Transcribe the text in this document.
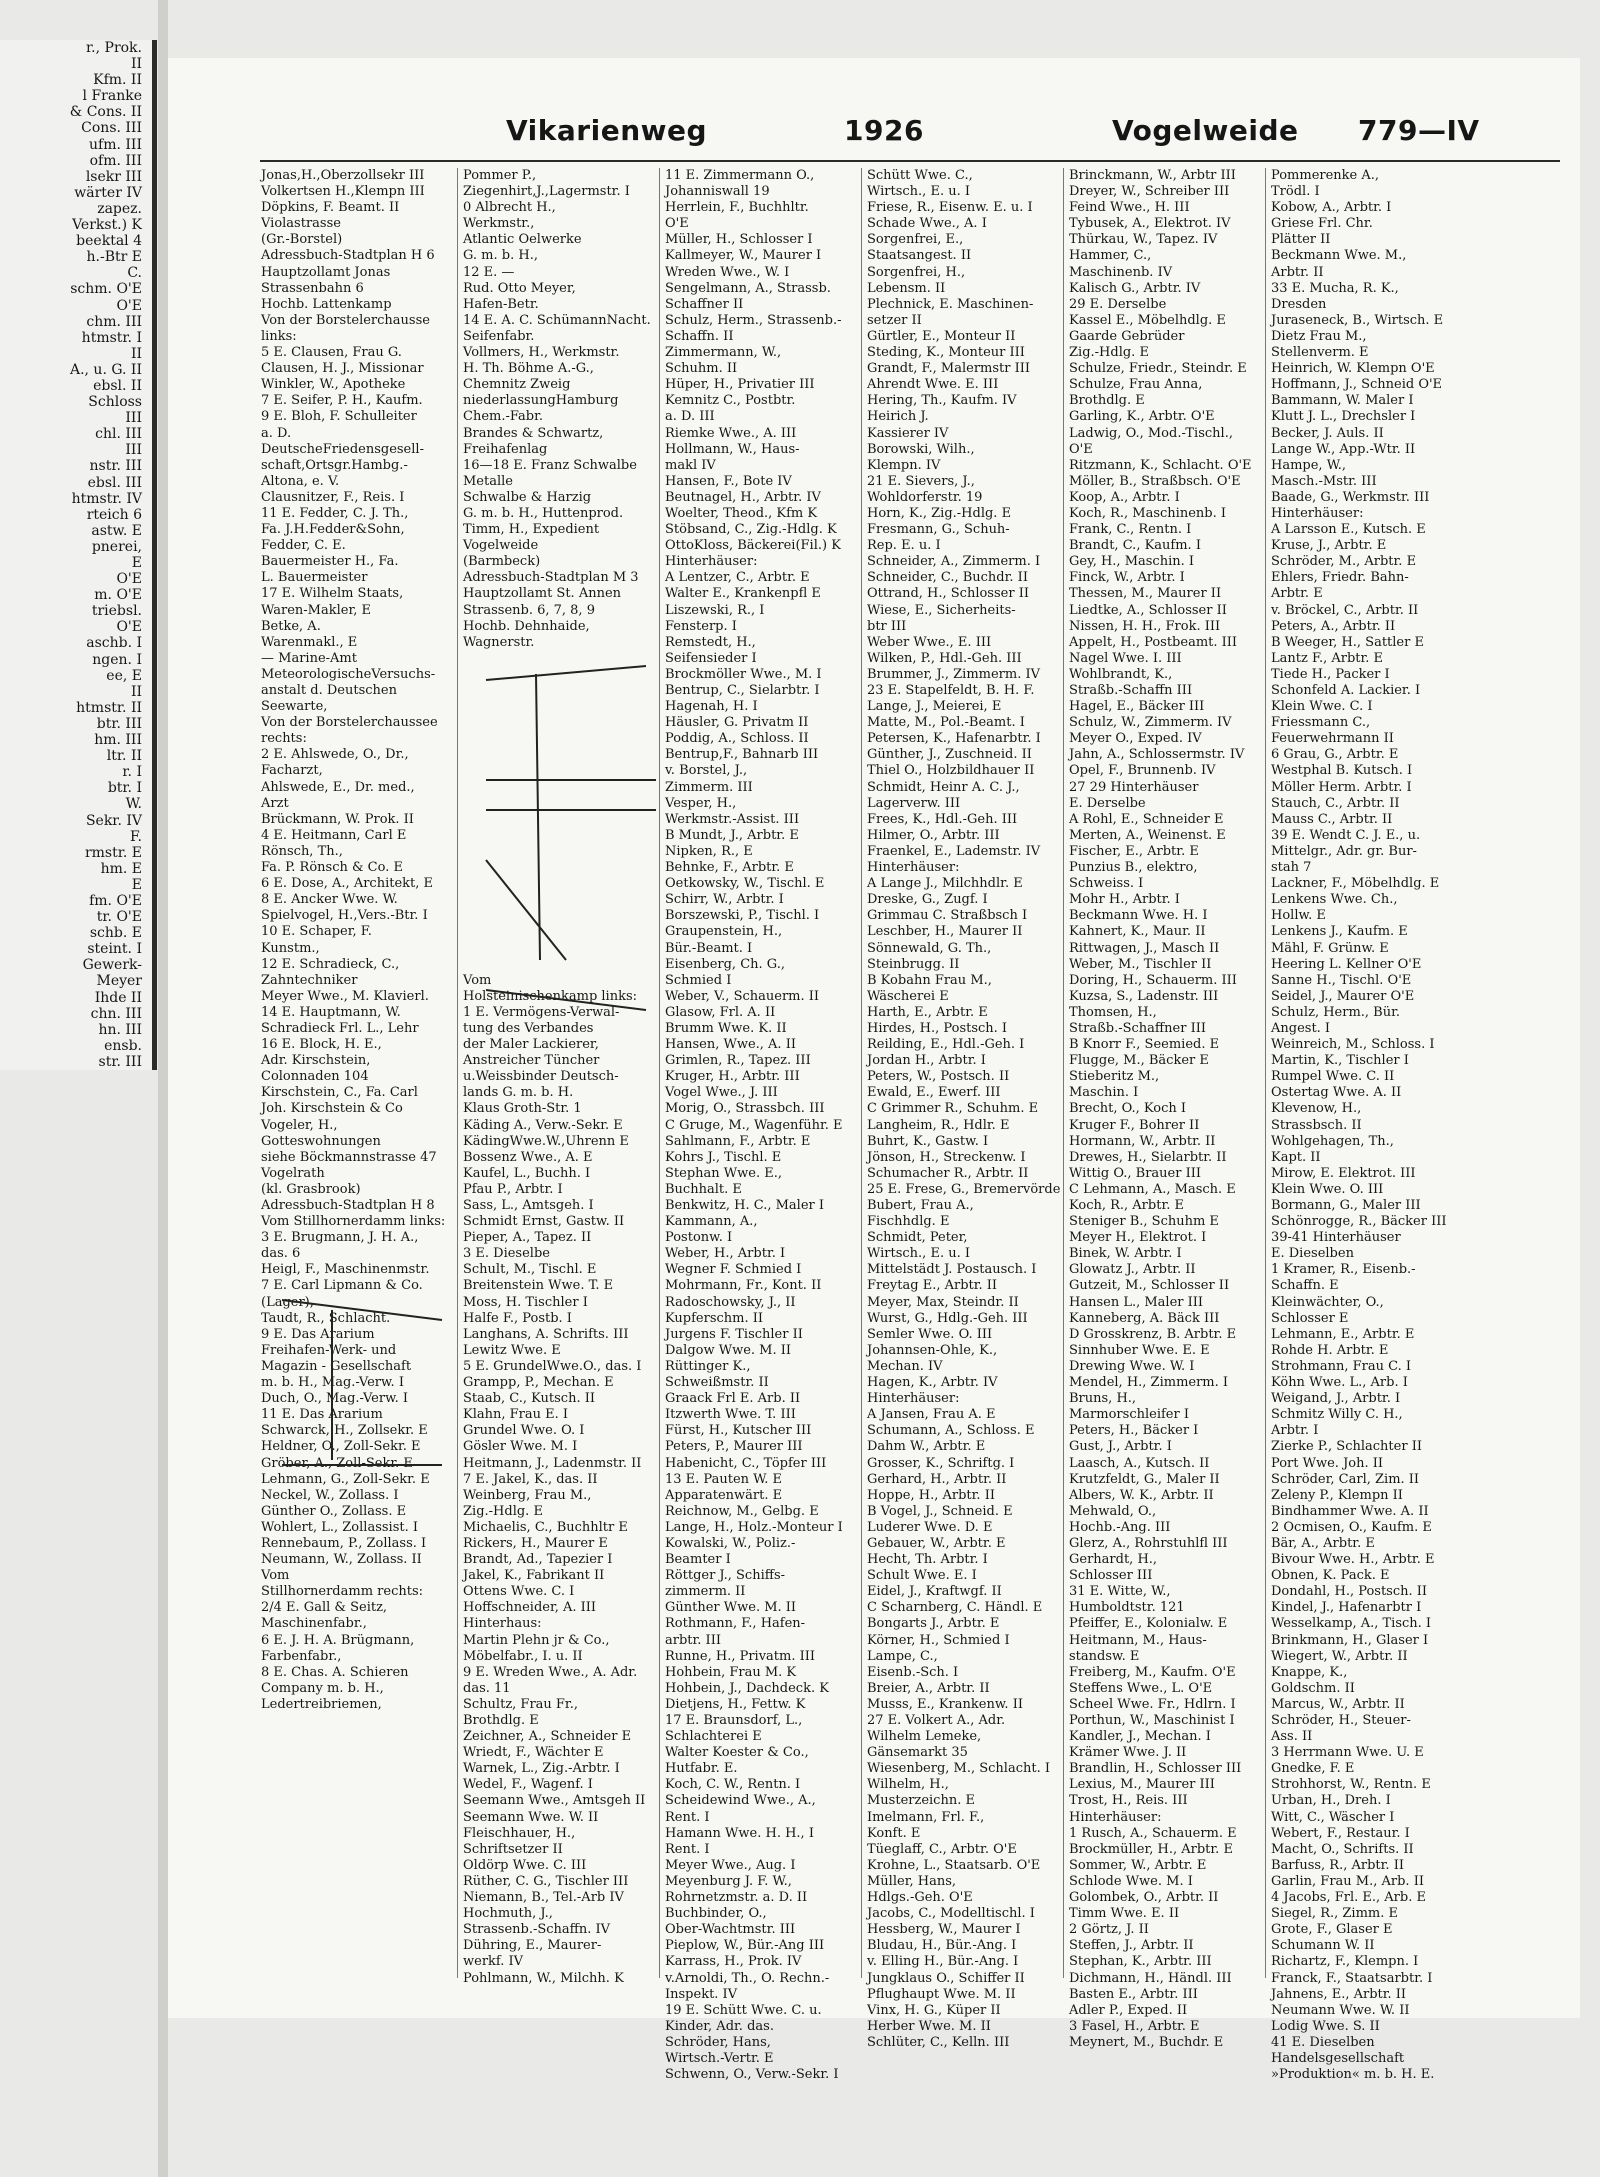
r., Prok.
II
Kfm. II
l Franke
& Cons. II
Cons. III
ufm. III
ofm. III
lsekr III
wärter IV
zapez.
Verkst.) K
beektal 4
h.-Btr E
C.
schm. O'E
O'E
chm. III
htmstr. I
II
A., u. G. II
ebsl. II
Schloss
III
chl. III
III
nstr. III
ebsl. III
htmstr. IV
rteich 6
astw. E
pnerei,
E
O'E
m. O'E
triebsl.
O'E
aschb. I
ngen. I
ee, E
II
htmstr. II
btr. III
hm. III
ltr. II
r. I
btr. I
W.
Sekr. IV
F.
rmstr. E
hm. E
E
fm. O'E
tr. O'E
schb. E
steint. I
Gewerk-
Meyer
Ihde II
chn. III
hn. III
ensb.
str. III
Vikarienweg	1926	Vogelweide 779—IV
Jonas,H.,Oberzollsekr III
Volkertsen H.,Klempn III
Döpkins, F. Beamt. II
Violastrasse
(Gr.-Borstel)
Adressbuch-Stadtplan H 6
Hauptzollamt Jonas
Strassenbahn 6
Hochb. Lattenkamp
Von der Borstelerchausse
links:
5 E. Clausen, Frau G.
Clausen, H. J., Missionar
Winkler, W., Apotheke
7 E. Seifer, P. H., Kaufm.
9 E. Bloh, F. Schulleiter
a. D.
DeutscheFriedensgesell-
schaft,Ortsgr.Hambg.-
Altona, e. V.
Clausnitzer, F., Reis. I
11 E. Fedder, C. J. Th.,
Fa. J.H.Fedder&Sohn,
Fedder, C. E.
Bauermeister H., Fa.
L. Bauermeister
17 E. Wilhelm Staats,
Waren-Makler, E
Betke, A.
Warenmakl., E
— Marine-Amt
MeteorologischeVersuchs-
anstalt d. Deutschen
Seewarte,
Von der Borstelerchaussee
rechts:
2 E. Ahlswede, O., Dr.,
Facharzt,
Ahlswede, E., Dr. med.,
Arzt
Brückmann, W. Prok. II
4 E. Heitmann, Carl E
Rönsch, Th.,
Fa. P. Rönsch & Co. E
6 E. Dose, A., Architekt, E
8 E. Ancker Wwe. W.
Spielvogel, H.,Vers.-Btr. I
10 E. Schaper, F.
Kunstm.,
12 E. Schradieck, C.,
Zahntechniker
Meyer Wwe., M. Klavierl.
14 E. Hauptmann, W.
Schradieck Frl. L., Lehr
16 E. Block, H. E.,
Adr. Kirschstein,
Colonnaden 104
Kirschstein, C., Fa. Carl
Joh. Kirschstein & Co
Vogeler, H.,
Gotteswohnungen
siehe Böckmannstrasse 47
Vogelrath
(kl. Grasbrook)
Adressbuch-Stadtplan H 8
Vom Stillhornerdamm links:
3 E. Brugmann, J. H. A.,
das. 6
Heigl, F., Maschinenmstr.
7 E. Carl Lipmann & Co.
(Lager),
Taudt, R., Schlacht.
9 E. Das Ararium
Freihafen-Werk- und
Magazin - Gesellschaft
m. b. H., Mag.-Verw. I
Duch, O., Mag.-Verw. I
11 E. Das Ararium
Schwarck, H., Zollsekr. E
Heldner, O., Zoll-Sekr. E
Gröber, A., Zoll-Sekr. E
Lehmann, G., Zoll-Sekr. E
Neckel, W., Zollass. I
Günther O., Zollass. E
Wohlert, L., Zollassist. I
Rennebaum, P., Zollass. I
Neumann, W., Zollass. II
Vom
Stillhornerdamm rechts:
2/4 E. Gall & Seitz,
Maschinenfabr.,
6 E. J. H. A. Brügmann,
Farbenfabr.,
8 E. Chas. A. Schieren
Company m. b. H.,
Ledertreibriemen,
Pommer P.,
Ziegenhirt,J.,Lagermstr. I
0 Albrecht H.,
Werkmstr.,
Atlantic Oelwerke
G. m. b. H.,
12 E. —
Rud. Otto Meyer,
Hafen-Betr.
14 E. A. C. SchümannNacht.
Seifenfabr.
Vollmers, H., Werkmstr.
H. Th. Böhme A.-G.,
Chemnitz Zweig
niederlassungHamburg
Chem.-Fabr.
Brandes & Schwartz,
Freihafenlag
16—18 E. Franz Schwalbe
Metalle
Schwalbe & Harzig
G. m. b. H., Huttenprod.
Timm, H., Expedient
Vogelweide
(Barmbeck)
Adressbuch-Stadtplan M 3
Hauptzollamt St. Annen
Strassenb. 6, 7, 8, 9
Hochb. Dehnhaide,
Wagnerstr.

Vom
Holsteinischenkamp links:
1 E. Vermögens-Verwal-
tung des Verbandes
der Maler Lackierer,
Anstreicher Tüncher
u.Weissbinder Deutsch-
lands G. m. b. H.
Klaus Groth-Str. 1
Käding A., Verw.-Sekr. E
KädingWwe.W.,Uhrenn E
Bossenz Wwe., A. E
Kaufel, L., Buchh. I
Pfau P., Arbtr. I
Sass, L., Amtsgeh. I
Schmidt Ernst, Gastw. II
Pieper, A., Tapez. II
3 E. Dieselbe
Schult, M., Tischl. E
Breitenstein Wwe. T. E
Moss, H. Tischler I
Halfe F., Postb. I
Langhans, A. Schrifts. III
Lewitz Wwe. E
5 E. GrundelWwe.O., das. I
Grampp, P., Mechan. E
Staab, C., Kutsch. II
Klahn, Frau E. I
Grundel Wwe. O. I
Gösler Wwe. M. I
Heitmann, J., Ladenmstr. II
7 E. Jakel, K., das. II
Weinberg, Frau M.,
Zig.-Hdlg. E
Michaelis, C., Buchhltr E
Rickers, H., Maurer E
Brandt, Ad., Tapezier I
Jakel, K., Fabrikant II
Ottens Wwe. C. I
Hoffschneider, A. III
Hinterhaus:
Martin Plehn jr & Co.,
Möbelfabr., I. u. II
9 E. Wreden Wwe., A. Adr.
das. 11
Schultz, Frau Fr.,
Brothdlg. E
Zeichner, A., Schneider E
Wriedt, F., Wächter E
Warnek, L., Zig.-Arbtr. I
Wedel, F., Wagenf. I
Seemann Wwe., Amtsgeh II
Seemann Wwe. W. II
Fleischhauer, H.,
Schriftsetzer II
Oldörp Wwe. C. III
Rüther, C. G., Tischler III
Niemann, B., Tel.-Arb IV
Hochmuth, J.,
Strassenb.-Schaffn. IV
Dühring, E., Maurer-
werkf. IV
Pohlmann, W., Milchh. K
11 E. Zimmermann O.,
Johanniswall 19
Herrlein, F., Buchhltr.
O'E
Müller, H., Schlosser I
Kallmeyer, W., Maurer I
Wreden Wwe., W. I
Sengelmann, A., Strassb.
Schaffner II
Schulz, Herm., Strassenb.-
Schaffn. II
Zimmermann, W.,
Schuhm. II
Hüper, H., Privatier III
Kemnitz C., Postbtr.
a. D. III
Riemke Wwe., A. III
Hollmann, W., Haus-
makl IV
Hansen, F., Bote IV
Beutnagel, H., Arbtr. IV
Woelter, Theod., Kfm K
Stöbsand, C., Zig.-Hdlg. K
OttoKloss, Bäckerei(Fil.) K
Hinterhäuser:
A Lentzer, C., Arbtr. E
Walter E., Krankenpfl E
Liszewski, R., I
Fensterp. I
Remstedt, H.,
Seifensieder I
Brockmöller Wwe., M. I
Bentrup, C., Sielarbtr. I
Hagenah, H. I
Häusler, G. Privatm II
Poddig, A., Schloss. II
Bentrup,F., Bahnarb III
v. Borstel, J.,
Zimmerm. III
Vesper, H.,
Werkmstr.-Assist. III
B Mundt, J., Arbtr. E
Nipken, R., E
Behnke, F., Arbtr. E
Oetkowsky, W., Tischl. E
Schirr, W., Arbtr. I
Borszewski, P., Tischl. I
Graupenstein, H.,
Bür.-Beamt. I
Eisenberg, Ch. G.,
Schmied I
Weber, V., Schauerm. II
Glasow, Frl. A. II
Brumm Wwe. K. II
Hansen, Wwe., A. II
Grimlen, R., Tapez. III
Kruger, H., Arbtr. III
Vogel Wwe., J. III
Morig, O., Strassbch. III
C Gruge, M., Wagenführ. E
Sahlmann, F., Arbtr. E
Kohrs J., Tischl. E
Stephan Wwe. E.,
Buchhalt. E
Benkwitz, H. C., Maler I
Kammann, A.,
Postonw. I
Weber, H., Arbtr. I
Wegner F. Schmied I
Mohrmann, Fr., Kont. II
Radoschowsky, J., II
Kupferschm. II
Jurgens F. Tischler II
Dalgow Wwe. M. II
Rüttinger K.,
Schweißmstr. II
Graack Frl E. Arb. II
Itzwerth Wwe. T. III
Fürst, H., Kutscher III
Peters, P., Maurer III
Habenicht, C., Töpfer III
13 E. Pauten W. E
Apparatenwärt. E
Reichnow, M., Gelbg. E
Lange, H., Holz.-Monteur I
Kowalski, W., Poliz.-
Beamter I
Röttger J., Schiffs-
zimmerm. II
Günther Wwe. M. II
Rothmann, F., Hafen-
arbtr. III
Runne, H., Privatm. III
Hohbein, Frau M. K
Hohbein, J., Dachdeck. K
Dietjens, H., Fettw. K
17 E. Braunsdorf, L.,
Schlachterei E
Walter Koester & Co.,
Hutfabr. E.
Koch, C. W., Rentn. I
Scheidewind Wwe., A.,
Rent. I
Hamann Wwe. H. H., I
Rent. I
Meyer Wwe., Aug. I
Meyenburg J. F. W.,
Rohrnetzmstr. a. D. II
Buchbinder, O.,
Ober-Wachtmstr. III
Pieplow, W., Bür.-Ang III
Karrass, H., Prok. IV
v.Arnoldi, Th., O. Rechn.-
Inspekt. IV
19 E. Schütt Wwe. C. u.
Kinder, Adr. das.
Schröder, Hans,
Wirtsch.-Vertr. E
Schwenn, O., Verw.-Sekr. I
Schütt Wwe. C.,
Wirtsch., E. u. I
Friese, R., Eisenw. E. u. I
Schade Wwe., A. I
Sorgenfrei, E.,
Staatsangest. II
Sorgenfrei, H.,
Lebensm. II
Plechnick, E. Maschinen-
setzer II
Gürtler, E., Monteur II
Steding, K., Monteur III
Grandt, F., Malermstr III
Ahrendt Wwe. E. III
Hering, Th., Kaufm. IV
Heirich J.
Kassierer IV
Borowski, Wilh.,
Klempn. IV
21 E. Sievers, J.,
Wohldorferstr. 19
Horn, K., Zig.-Hdlg. E
Fresmann, G., Schuh-
Rep. E. u. I
Schneider, A., Zimmerm. I
Schneider, C., Buchdr. II
Ottrand, H., Schlosser II
Wiese, E., Sicherheits-
btr III
Weber Wwe., E. III
Wilken, P., Hdl.-Geh. III
Brummer, J., Zimmerm. IV
23 E. Stapelfeldt, B. H. F.
Lange, J., Meierei, E
Matte, M., Pol.-Beamt. I
Petersen, K., Hafenarbtr. I
Günther, J., Zuschneid. II
Thiel O., Holzbildhauer II
Schmidt, Heinr A. C. J.,
Lagerverw. III
Frees, K., Hdl.-Geh. III
Hilmer, O., Arbtr. III
Fraenkel, E., Lademstr. IV
Hinterhäuser:
A Lange J., Milchhdlr. E
Dreske, G., Zugf. I
Grimmau C. Straßbsch I
Leschber, H., Maurer II
Sönnewald, G. Th.,
Steinbrugg. II
B Kobahn Frau M.,
Wäscherei E
Harth, E., Arbtr. E
Hirdes, H., Postsch. I
Reilding, E., Hdl.-Geh. I
Jordan H., Arbtr. I
Peters, W., Postsch. II
Ewald, E., Ewerf. III
C Grimmer R., Schuhm. E
Langheim, R., Hdlr. E
Buhrt, K., Gastw. I
Jönson, H., Streckenw. I
Schumacher R., Arbtr. II
25 E. Frese, G., Bremervörde
Bubert, Frau A.,
Fischhdlg. E
Schmidt, Peter,
Wirtsch., E. u. I
Mittelstädt J. Postausch. I
Freytag E., Arbtr. II
Meyer, Max, Steindr. II
Wurst, G., Hdlg.-Geh. III
Semler Wwe. O. III
Johannsen-Ohle, K.,
Mechan. IV
Hagen, K., Arbtr. IV
Hinterhäuser:
A Jansen, Frau A. E
Schumann, A., Schloss. E
Dahm W., Arbtr. E
Grosser, K., Schriftg. I
Gerhard, H., Arbtr. II
Hoppe, H., Arbtr. II
B Vogel, J., Schneid. E
Luderer Wwe. D. E
Gebauer, W., Arbtr. E
Hecht, Th. Arbtr. I
Schult Wwe. E. I
Eidel, J., Kraftwgf. II
C Scharnberg, C. Händl. E
Bongarts J., Arbtr. E
Körner, H., Schmied I
Lampe, C.,
Eisenb.-Sch. I
Breier, A., Arbtr. II
Musss, E., Krankenw. II
27 E. Volkert A., Adr.
Wilhelm Lemeke,
Gänsemarkt 35
Wiesenberg, M., Schlacht. I
Wilhelm, H.,
Musterzeichn. E
Imelmann, Frl. F.,
Konft. E
Tüeglaff, C., Arbtr. O'E
Krohne, L., Staatsarb. O'E
Müller, Hans,
Hdlgs.-Geh. O'E
Jacobs, C., Modelltischl. I
Hessberg, W., Maurer I
Bludau, H., Bür.-Ang. I
v. Elling H., Bür.-Ang. I
Jungklaus O., Schiffer II
Pflughaupt Wwe. M. II
Vinx, H. G., Küper II
Herber Wwe. M. II
Schlüter, C., Kelln. III
Brinckmann, W., Arbtr III
Dreyer, W., Schreiber III
Feind Wwe., H. III
Tybusek, A., Elektrot. IV
Thürkau, W., Tapez. IV
Hammer, C.,
Maschinenb. IV
Kalisch G., Arbtr. IV
29 E. Derselbe
Kassel E., Möbelhdlg. E
Gaarde Gebrüder
Zig.-Hdlg. E
Schulze, Friedr., Steindr. E
Schulze, Frau Anna,
Brothdlg. E
Garling, K., Arbtr. O'E
Ladwig, O., Mod.-Tischl.,
O'E
Ritzmann, K., Schlacht. O'E
Möller, B., Straßbsch. O'E
Koop, A., Arbtr. I
Koch, R., Maschinenb. I
Frank, C., Rentn. I
Brandt, C., Kaufm. I
Gey, H., Maschin. I
Finck, W., Arbtr. I
Thessen, M., Maurer II
Liedtke, A., Schlosser II
Nissen, H. H., Frok. III
Appelt, H., Postbeamt. III
Nagel Wwe. I. III
Wohlbrandt, K.,
Straßb.-Schaffn III
Hagel, E., Bäcker III
Schulz, W., Zimmerm. IV
Meyer O., Exped. IV
Jahn, A., Schlossermstr. IV
Opel, F., Brunnenb. IV
27 29 Hinterhäuser
E. Derselbe
A Rohl, E., Schneider E
Merten, A., Weinenst. E
Fischer, E., Arbtr. E
Punzius B., elektro,
Schweiss. I
Mohr H., Arbtr. I
Beckmann Wwe. H. I
Kahnert, K., Maur. II
Rittwagen, J., Masch II
Weber, M., Tischler II
Doring, H., Schauerm. III
Kuzsa, S., Ladenstr. III
Thomsen, H.,
Straßb.-Schaffner III
B Knorr F., Seemied. E
Flugge, M., Bäcker E
Stieberitz M.,
Maschin. I
Brecht, O., Koch I
Kruger F., Bohrer II
Hormann, W., Arbtr. II
Drewes, H., Sielarbtr. II
Wittig O., Brauer III
C Lehmann, A., Masch. E
Koch, R., Arbtr. E
Steniger B., Schuhm E
Meyer H., Elektrot. I
Binek, W. Arbtr. I
Glowatz J., Arbtr. II
Gutzeit, M., Schlosser II
Hansen L., Maler III
Kanneberg, A. Bäck III
D Grosskrenz, B. Arbtr. E
Sinnhuber Wwe. E. E
Drewing Wwe. W. I
Mendel, H., Zimmerm. I
Bruns, H.,
Marmorschleifer I
Peters, H., Bäcker I
Gust, J., Arbtr. I
Laasch, A., Kutsch. II
Krutzfeldt, G., Maler II
Albers, W. K., Arbtr. II
Mehwald, O.,
Hochb.-Ang. III
Glerz, A., Rohrstuhlfl III
Gerhardt, H.,
Schlosser III
31 E. Witte, W.,
Humboldtstr. 121
Pfeiffer, E., Kolonialw. E
Heitmann, M., Haus-
standsw. E
Freiberg, M., Kaufm. O'E
Steffens Wwe., L. O'E
Scheel Wwe. Fr., Hdlrn. I
Porthun, W., Maschinist I
Kandler, J., Mechan. I
Krämer Wwe. J. II
Brandlin, H., Schlosser III
Lexius, M., Maurer III
Trost, H., Reis. III
Hinterhäuser:
1 Rusch, A., Schauerm. E
Brockmüller, H., Arbtr. E
Sommer, W., Arbtr. E
Schlode Wwe. M. I
Golombek, O., Arbtr. II
Timm Wwe. E. II
2 Görtz, J. II
Steffen, J., Arbtr. II
Stephan, K., Arbtr. III
Dichmann, H., Händl. III
Basten E., Arbtr. III
Adler P., Exped. II
3 Fasel, H., Arbtr. E
Meynert, M., Buchdr. E
Pommerenke A.,
Trödl. I
Kobow, A., Arbtr. I
Griese Frl. Chr.
Plätter II
Beckmann Wwe. M.,
Arbtr. II
33 E. Mucha, R. K.,
Dresden
Juraseneck, B., Wirtsch. E
Dietz Frau M.,
Stellenverm. E
Heinrich, W. Klempn O'E
Hoffmann, J., Schneid O'E
Bammann, W. Maler I
Klutt J. L., Drechsler I
Becker, J. Auls. II
Lange W., App.-Wtr. II
Hampe, W.,
Masch.-Mstr. III
Baade, G., Werkmstr. III
Hinterhäuser:
A Larsson E., Kutsch. E
Kruse, J., Arbtr. E
Schröder, M., Arbtr. E
Ehlers, Friedr. Bahn-
Arbtr. E
v. Bröckel, C., Arbtr. II
Peters, A., Arbtr. II
B Weeger, H., Sattler E
Lantz F., Arbtr. E
Tiede H., Packer I
Schonfeld A. Lackier. I
Klein Wwe. C. I
Friessmann C.,
Feuerwehrmann II
6 Grau, G., Arbtr. E
Westphal B. Kutsch. I
Möller Herm. Arbtr. I
Stauch, C., Arbtr. II
Mauss C., Arbtr. II
39 E. Wendt C. J. E., u.
Mittelgr., Adr. gr. Bur-
stah 7
Lackner, F., Möbelhdlg. E
Lenkens Wwe. Ch.,
Hollw. E
Lenkens J., Kaufm. E
Mähl, F. Grünw. E
Heering L. Kellner O'E
Sanne H., Tischl. O'E
Seidel, J., Maurer O'E
Schulz, Herm., Bür.
Angest. I
Weinreich, M., Schloss. I
Martin, K., Tischler I
Rumpel Wwe. C. II
Ostertag Wwe. A. II
Klevenow, H.,
Strassbsch. II
Wohlgehagen, Th.,
Kapt. II
Mirow, E. Elektrot. III
Klein Wwe. O. III
Bormann, G., Maler III
Schönrogge, R., Bäcker III
39-41 Hinterhäuser
E. Dieselben
1 Kramer, R., Eisenb.-
Schaffn. E
Kleinwächter, O.,
Schlosser E
Lehmann, E., Arbtr. E
Rohde H. Arbtr. E
Strohmann, Frau C. I
Köhn Wwe. L., Arb. I
Weigand, J., Arbtr. I
Schmitz Willy C. H.,
Arbtr. I
Zierke P., Schlachter II
Port Wwe. Joh. II
Schröder, Carl, Zim. II
Zeleny P., Klempn II
Bindhammer Wwe. A. II
2 Ocmisen, O., Kaufm. E
Bär, A., Arbtr. E
Bivour Wwe. H., Arbtr. E
Obnen, K. Pack. E
Dondahl, H., Postsch. II
Kindel, J., Hafenarbtr I
Wesselkamp, A., Tisch. I
Brinkmann, H., Glaser I
Wiegert, W., Arbtr. II
Knappe, K.,
Goldschm. II
Marcus, W., Arbtr. II
Schröder, H., Steuer-
Ass. II
3 Herrmann Wwe. U. E
Gnedke, F. E
Strohhorst, W., Rentn. E
Urban, H., Dreh. I
Witt, C., Wäscher I
Webert, F., Restaur. I
Macht, O., Schrifts. II
Barfuss, R., Arbtr. II
Garlin, Frau M., Arb. II
4 Jacobs, Frl. E., Arb. E
Siegel, R., Zimm. E
Grote, F., Glaser E
Schumann W. II
Richartz, F., Klempn. I
Franck, F., Staatsarbtr. I
Jahnens, E., Arbtr. II
Neumann Wwe. W. II
Lodig Wwe. S. II
41 E. Dieselben
Handelsgesellschaft
»Produktion« m. b. H. E.
